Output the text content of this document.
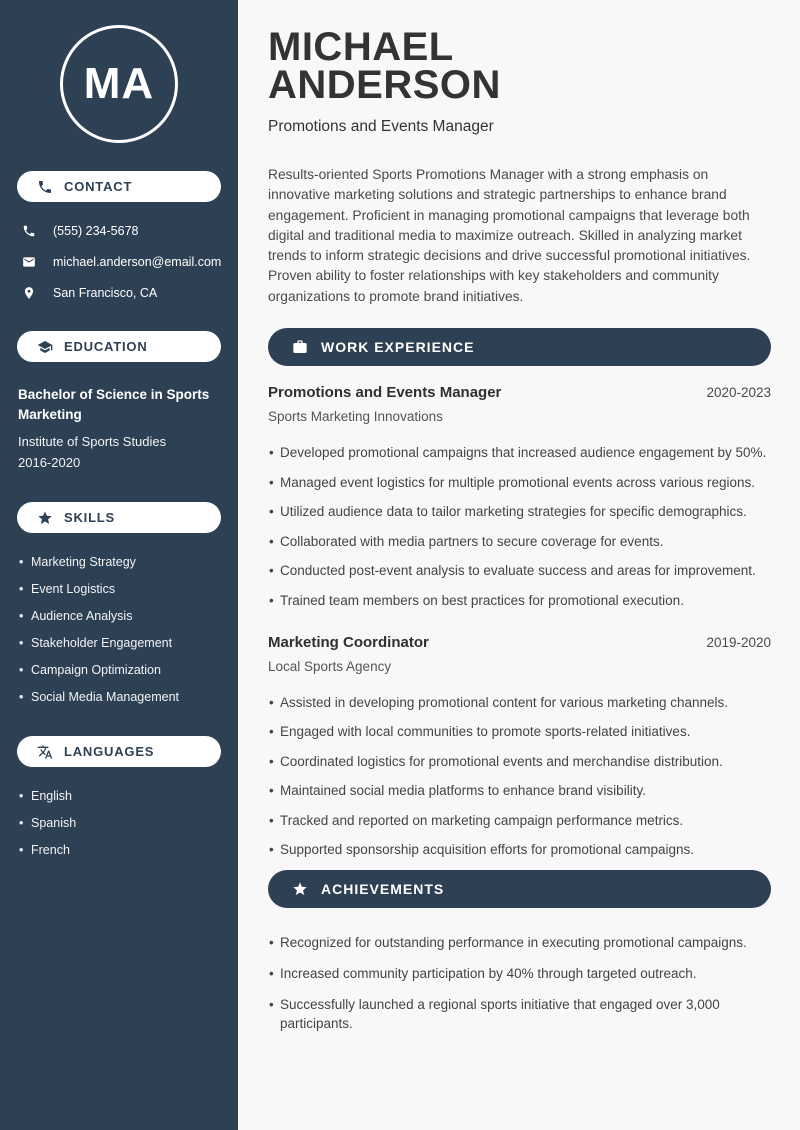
MA
CONTACT
(555) 234-5678
michael.anderson@email.com
San Francisco, CA
EDUCATION
Bachelor of Science in Sports Marketing
Institute of Sports Studies
2016-2020
SKILLS
• Marketing Strategy
• Event Logistics
• Audience Analysis
• Stakeholder Engagement
• Campaign Optimization
• Social Media Management
LANGUAGES
• English
• Spanish
• French
MICHAEL
ANDERSON
Promotions and Events Manager

Results-oriented Sports Promotions Manager with a strong emphasis on innovative marketing solutions and strategic partnerships to enhance brand engagement. Proficient in managing promotional campaigns that leverage both digital and traditional media to maximize outreach. Skilled in analyzing market trends to inform strategic decisions and drive successful promotional initiatives. Proven ability to foster relationships with key stakeholders and community organizations to promote brand initiatives.

WORK EXPERIENCE
Promotions and Events Manager	2020-2023
Sports Marketing Innovations
• Developed promotional campaigns that increased audience engagement by 50%.
• Managed event logistics for multiple promotional events across various regions.
• Utilized audience data to tailor marketing strategies for specific demographics.
• Collaborated with media partners to secure coverage for events.
• Conducted post-event analysis to evaluate success and areas for improvement.
• Trained team members on best practices for promotional execution.
Marketing Coordinator	2019-2020
Local Sports Agency
• Assisted in developing promotional content for various marketing channels.
• Engaged with local communities to promote sports-related initiatives.
• Coordinated logistics for promotional events and merchandise distribution.
• Maintained social media platforms to enhance brand visibility.
• Tracked and reported on marketing campaign performance metrics.
• Supported sponsorship acquisition efforts for promotional campaigns.
ACHIEVEMENTS
• Recognized for outstanding performance in executing promotional campaigns.
• Increased community participation by 40% through targeted outreach.
• Successfully launched a regional sports initiative that engaged over 3,000 participants.
